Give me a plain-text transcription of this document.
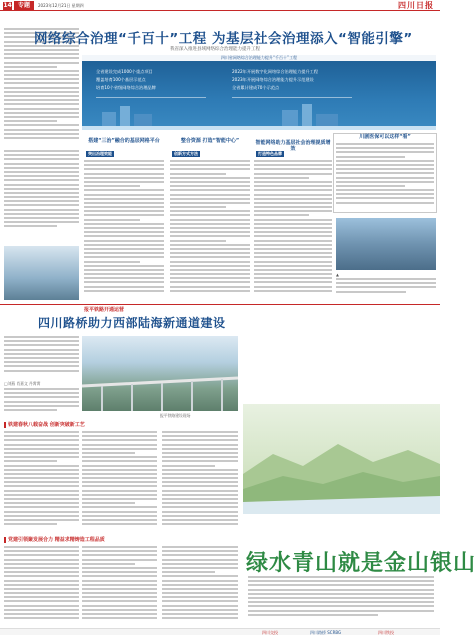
14	专题	2023年12月21日 星期四	四川日报
网络综合治理“千百十”工程 为基层社会治理添入“智能引擎”
我省深入推进县域网络综合治理能力提升工程
四川省网络综合治理能力提升“千百十”工程
全省建设完成1000个重点项目
覆盖培育100个基层示范点
培育10个省级网络综合治理品牌
2022年开展数字化网络综合治理能力提升工程
2023年开展网络综合治理能力提升示范建设
全省累计建成70个示范点
川剧医保可以这样“看”
搭建“三治”融合的基层网格平台	整合资源 打造“智能中心”	智能网络助力基层社会治理提质增效
突出治理效能	创新方式方法	打造特色品牌
▲
报平铁路开通运营
四川路桥助力西部陆海新通道建设
□刘燕 肖嘉文 丹霄霄
报平铁路建设现场
铁建春秋八载奋战 创新突破新工艺
党建引领聚发展合力 精益求精铸造工程品质
绿水青山就是金山银山
四川交投	四川路桥 SCRBG	四川铁投
